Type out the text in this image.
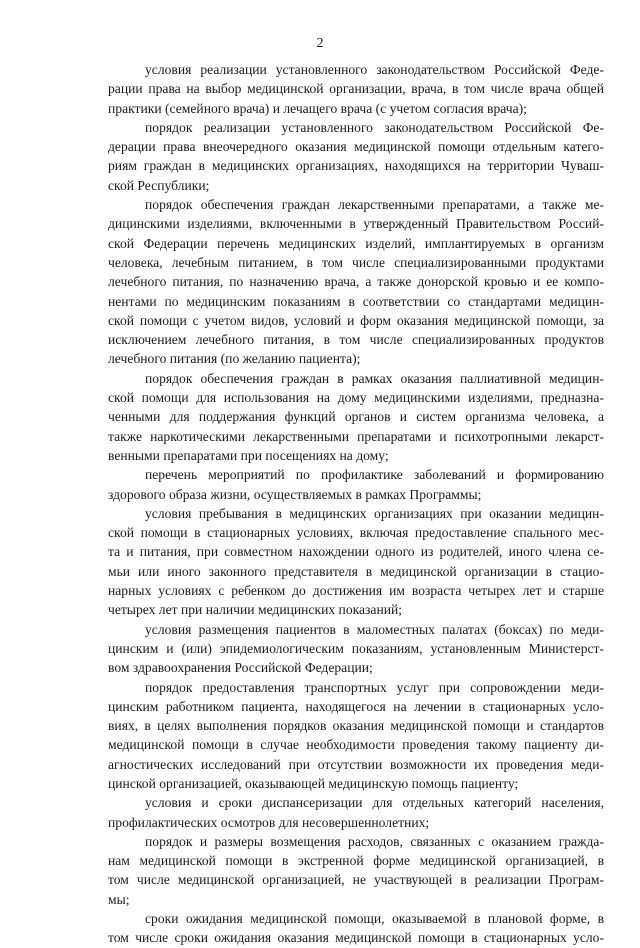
2

условия реализации установленного законодательством Российской Феде-
рации права на выбор медицинской организации, врача, в том числе врача общей
практики (семейного врача) и лечащего врача (с учетом согласия врача);

порядок реализации установленного законодательством Российской Фе-
дерации права внеочередного оказания медицинской помощи отдельным катего-
риям граждан в медицинских организациях, находящихся на территории Чуваш-
ской Республики;

порядок обеспечения граждан лекарственными препаратами, а также ме-
дицинскими изделиями, включенными в утвержденный Правительством Россий-
ской Федерации перечень медицинских изделий, имплантируемых в организм
человека, лечебным питанием, в том числе специализированными продуктами
лечебного питания, по назначению врача, а также донорской кровью и ее компо-
нентами по медицинским показаниям в соответствии со стандартами медицин-
ской помощи с учетом видов, условий и форм оказания медицинской помощи, за
исключением лечебного питания, в том числе специализированных продуктов
лечебного питания (по желанию пациента);

порядок обеспечения граждан в рамках оказания паллиативной медицин-
ской помощи для использования на дому медицинскими изделиями, предназна-
ченными для поддержания функций органов и систем организма человека, а
также наркотическими лекарственными препаратами и психотропными лекарст-
венными препаратами при посещениях на дому;

перечень мероприятий по профилактике заболеваний и формированию
здорового образа жизни, осуществляемых в рамках Программы;

условия пребывания в медицинских организациях при оказании медицин-
ской помощи в стационарных условиях, включая предоставление спального мес-
та и питания, при совместном нахождении одного из родителей, иного члена се-
мьи или иного законного представителя в медицинской организации в стацио-
нарных условиях с ребенком до достижения им возраста четырех лет и старше
четырех лет при наличии медицинских показаний;

условия размещения пациентов в маломестных палатах (боксах) по меди-
цинским и (или) эпидемиологическим показаниям, установленным Министерст-
вом здравоохранения Российской Федерации;

порядок предоставления транспортных услуг при сопровождении меди-
цинским работником пациента, находящегося на лечении в стационарных усло-
виях, в целях выполнения порядков оказания медицинской помощи и стандартов
медицинской помощи в случае необходимости проведения такому пациенту ди-
агностических исследований при отсутствии возможности их проведения меди-
цинской организацией, оказывающей медицинскую помощь пациенту;

условия и сроки диспансеризации для отдельных категорий населения,
профилактических осмотров для несовершеннолетних;

порядок и размеры возмещения расходов, связанных с оказанием гражда-
нам медицинской помощи в экстренной форме медицинской организацией, в
том числе медицинской организацией, не участвующей в реализации Програм-
мы;

сроки ожидания медицинской помощи, оказываемой в плановой форме, в
том числе сроки ожидания оказания медицинской помощи в стационарных усло-
